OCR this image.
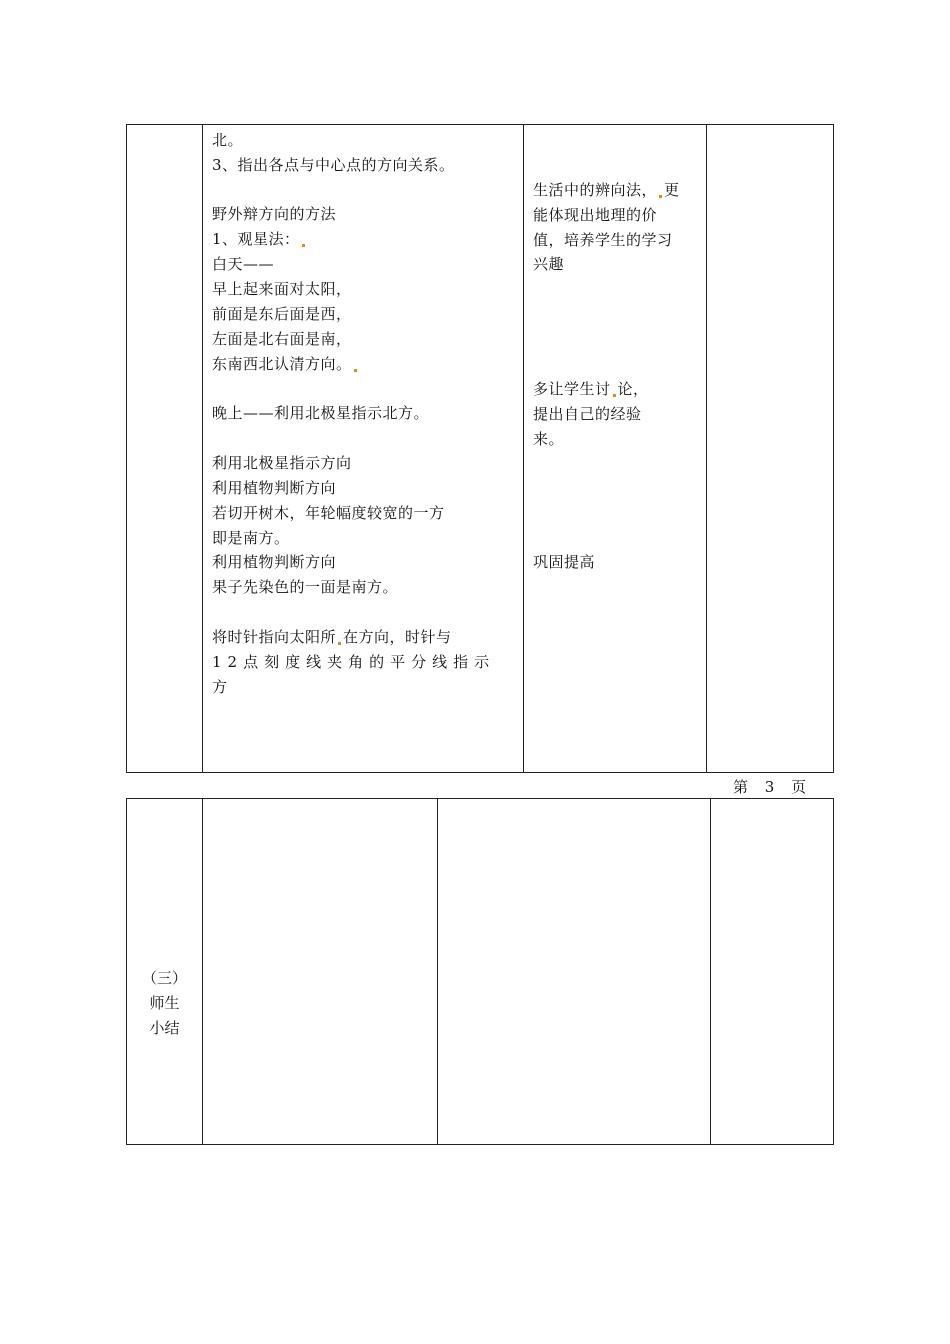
北。
3、指出各点与中心点的方向关系。
野外辩方向的方法
1、观星法：
白天——
早上起来面对太阳，
前面是东后面是西，
左面是北右面是南，
东南西北认清方向。
晚上——利用北极星指示北方。
利用北极星指示方向
利用植物判断方向
若切开树木，年轮幅度较宽的一方
即是南方。
利用植物判断方向
果子先染色的一面是南方。
将时针指向太阳所 在方向，时针与
12点刻度线夹角的平分线指示
方
生活中的辨向法， 更
能体现出地理的价
值，培养学生的学习
兴趣
多让学生讨 论，
提出自己的经验
来。
巩固提高
第 3 页
（三）
师生
小结
